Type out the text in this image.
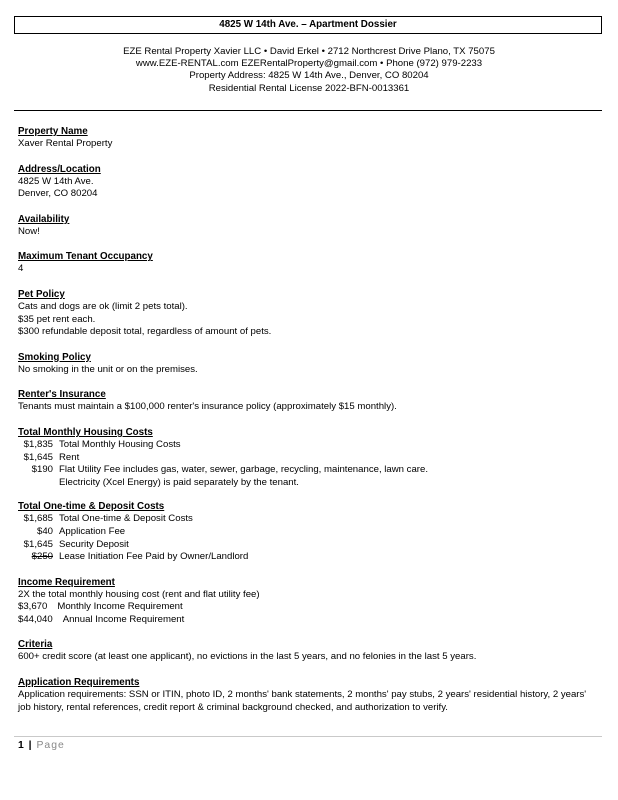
4825 W 14th Ave. – Apartment Dossier
EZE Rental Property Xavier LLC • David Erkel • 2712 Northcrest Drive Plano, TX 75075
www.EZE-RENTAL.com EZERentalProperty@gmail.com • Phone (972) 979-2233
Property Address: 4825 W 14th Ave., Denver, CO 80204
Residential Rental License 2022-BFN-0013361
Property Name
Xaver Rental Property
Address/Location
4825 W 14th Ave.
Denver, CO 80204
Availability
Now!
Maximum Tenant Occupancy
4
Pet Policy
Cats and dogs are ok (limit 2 pets total).
$35 pet rent each.
$300 refundable deposit total, regardless of amount of pets.
Smoking Policy
No smoking in the unit or on the premises.
Renter's Insurance
Tenants must maintain a $100,000 renter's insurance policy (approximately $15 monthly).
Total Monthly Housing Costs
$1,835 Total Monthly Housing Costs
$1,645 Rent
$190 Flat Utility Fee includes gas, water, sewer, garbage, recycling, maintenance, lawn care.
Electricity (Xcel Energy) is paid separately by the tenant.
Total One-time & Deposit Costs
$1,685 Total One-time & Deposit Costs
$40 Application Fee
$1,645 Security Deposit
$250 Lease Initiation Fee Paid by Owner/Landlord
Income Requirement
2X the total monthly housing cost (rent and flat utility fee)
$3,670	Monthly Income Requirement
$44,040	Annual Income Requirement
Criteria
600+ credit score (at least one applicant), no evictions in the last 5 years, and no felonies in the last 5 years.
Application Requirements
Application requirements: SSN or ITIN, photo ID, 2 months' bank statements, 2 months' pay stubs, 2 years' residential history, 2 years' job history, rental references, credit report & criminal background checked, and authorization to verify.
1 | Page
